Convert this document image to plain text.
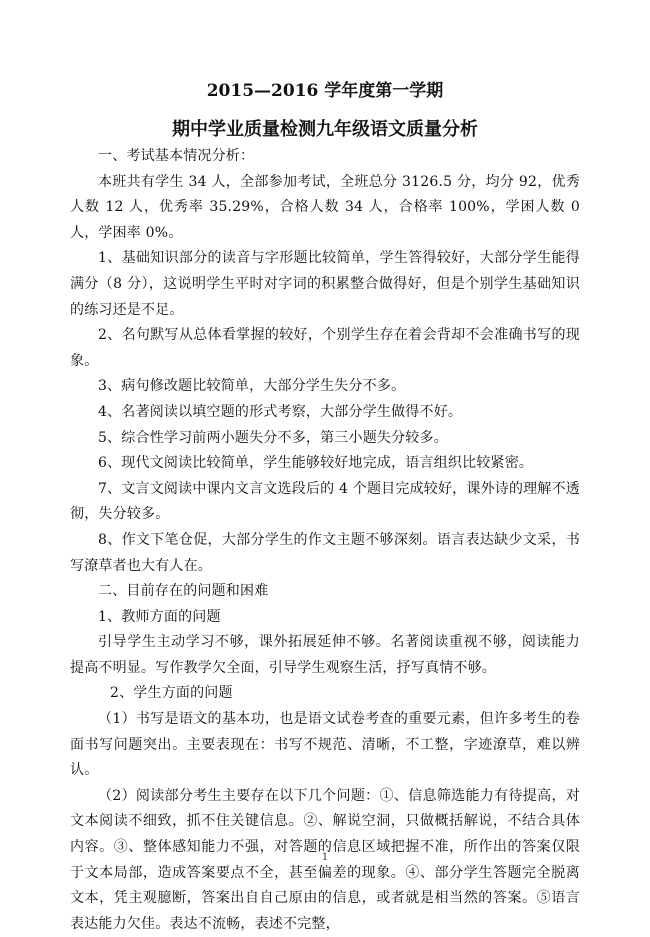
2015—2016 学年度第一学期
期中学业质量检测九年级语文质量分析

一、考试基本情况分析：

本班共有学生 34 人，全部参加考试，全班总分 3126.5 分，均分 92，优秀人数 12 人，优秀率 35.29%，合格人数 34 人，合格率 100%，学困人数 0 人，学困率 0%。

1、基础知识部分的读音与字形题比较简单，学生答得较好，大部分学生能得满分（8 分），这说明学生平时对字词的积累整合做得好，但是个别学生基础知识的练习还是不足。

2、名句默写从总体看掌握的较好，个别学生存在着会背却不会准确书写的现象。

3、病句修改题比较简单，大部分学生失分不多。

4、名著阅读以填空题的形式考察，大部分学生做得不好。

5、综合性学习前两小题失分不多，第三小题失分较多。

6、现代文阅读比较简单，学生能够较好地完成，语言组织比较紧密。

7、文言文阅读中课内文言文选段后的 4 个题目完成较好，课外诗的理解不透彻，失分较多。

8、作文下笔仓促，大部分学生的作文主题不够深刻。语言表达缺少文采，书写潦草者也大有人在。

二、目前存在的问题和困难

1、教师方面的问题

引导学生主动学习不够，课外拓展延伸不够。名著阅读重视不够，阅读能力提高不明显。写作教学欠全面，引导学生观察生活，抒写真情不够。

2、学生方面的问题

（1）书写是语文的基本功，也是语文试卷考查的重要元素，但许多考生的卷面书写问题突出。主要表现在：书写不规范、清晰，不工整，字迹潦草，难以辨认。

（2）阅读部分考生主要存在以下几个问题：①、信息筛选能力有待提高，对文本阅读不细致，抓不住关键信息。②、解说空洞，只做概括解说，不结合具体内容。③、整体感知能力不强，对答题的信息区域把握不准，所作出的答案仅限于文本局部，造成答案要点不全，甚至偏差的现象。④、部分学生答题完全脱离文本，凭主观臆断，答案出自自己原由的信息，或者就是相当然的答案。⑤语言表达能力欠佳。表达不流畅，表述不完整，

1
